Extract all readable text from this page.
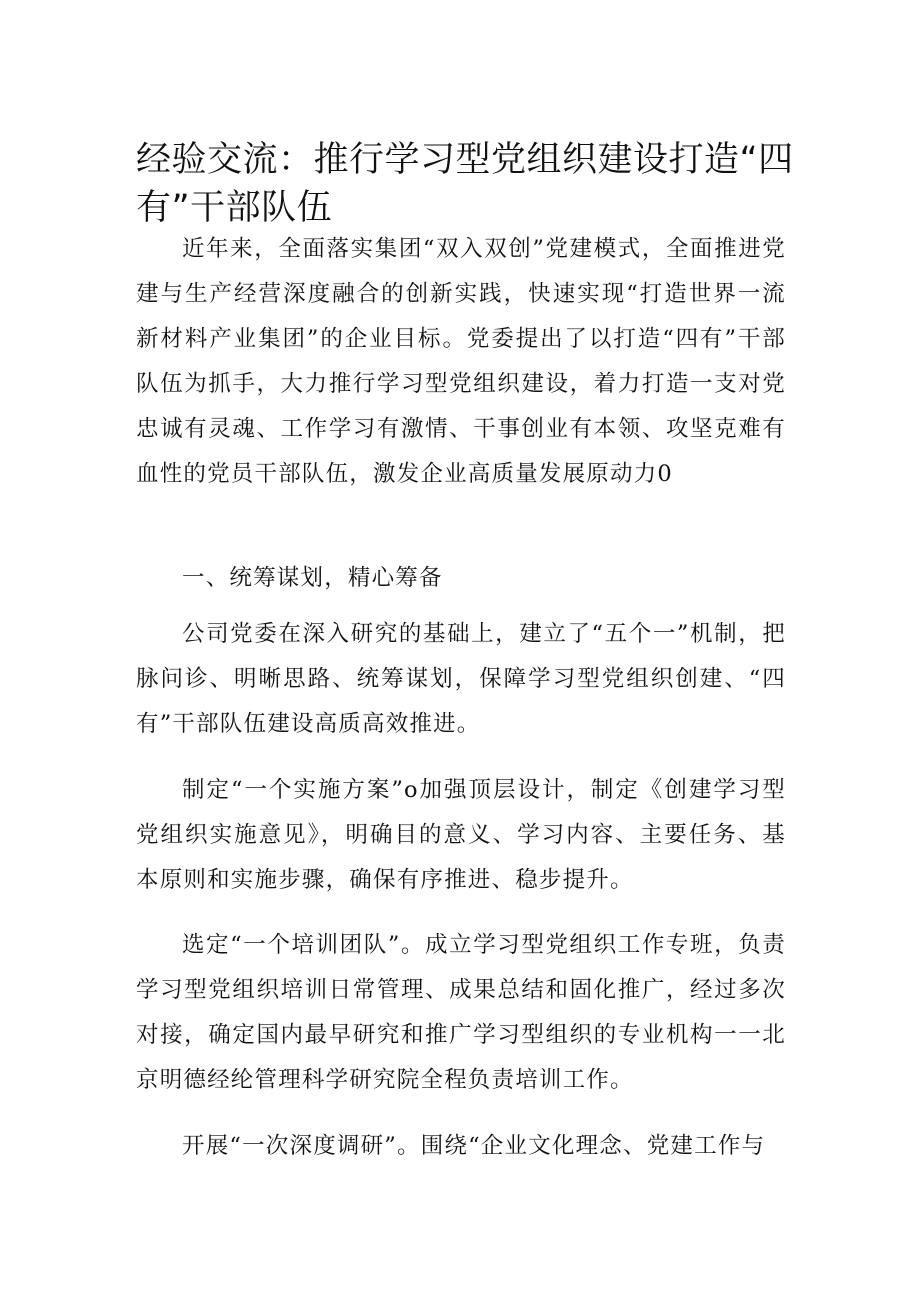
经验交流：推行学习型党组织建设打造“四有”干部队伍

近年来，全面落实集团“双入双创”党建模式，全面推进党建与生产经营深度融合的创新实践，快速实现“打造世界一流新材料产业集团”的企业目标。党委提出了以打造“四有”干部队伍为抓手，大力推行学习型党组织建设，着力打造一支对党忠诚有灵魂、工作学习有激情、干事创业有本领、攻坚克难有血性的党员干部队伍，激发企业高质量发展原动力0

一、统筹谋划，精心筹备

公司党委在深入研究的基础上，建立了“五个一”机制，把脉问诊、明晰思路、统筹谋划，保障学习型党组织创建、“四有”干部队伍建设高质高效推进。

制定“一个实施方案”o加强顶层设计，制定《创建学习型党组织实施意见》，明确目的意义、学习内容、主要任务、基本原则和实施步骤，确保有序推进、稳步提升。

选定“一个培训团队”。成立学习型党组织工作专班，负责学习型党组织培训日常管理、成果总结和固化推广，经过多次对接，确定国内最早研究和推广学习型组织的专业机构一一北京明德经纶管理科学研究院全程负责培训工作。

开展“一次深度调研”。围绕“企业文化理念、党建工作与
